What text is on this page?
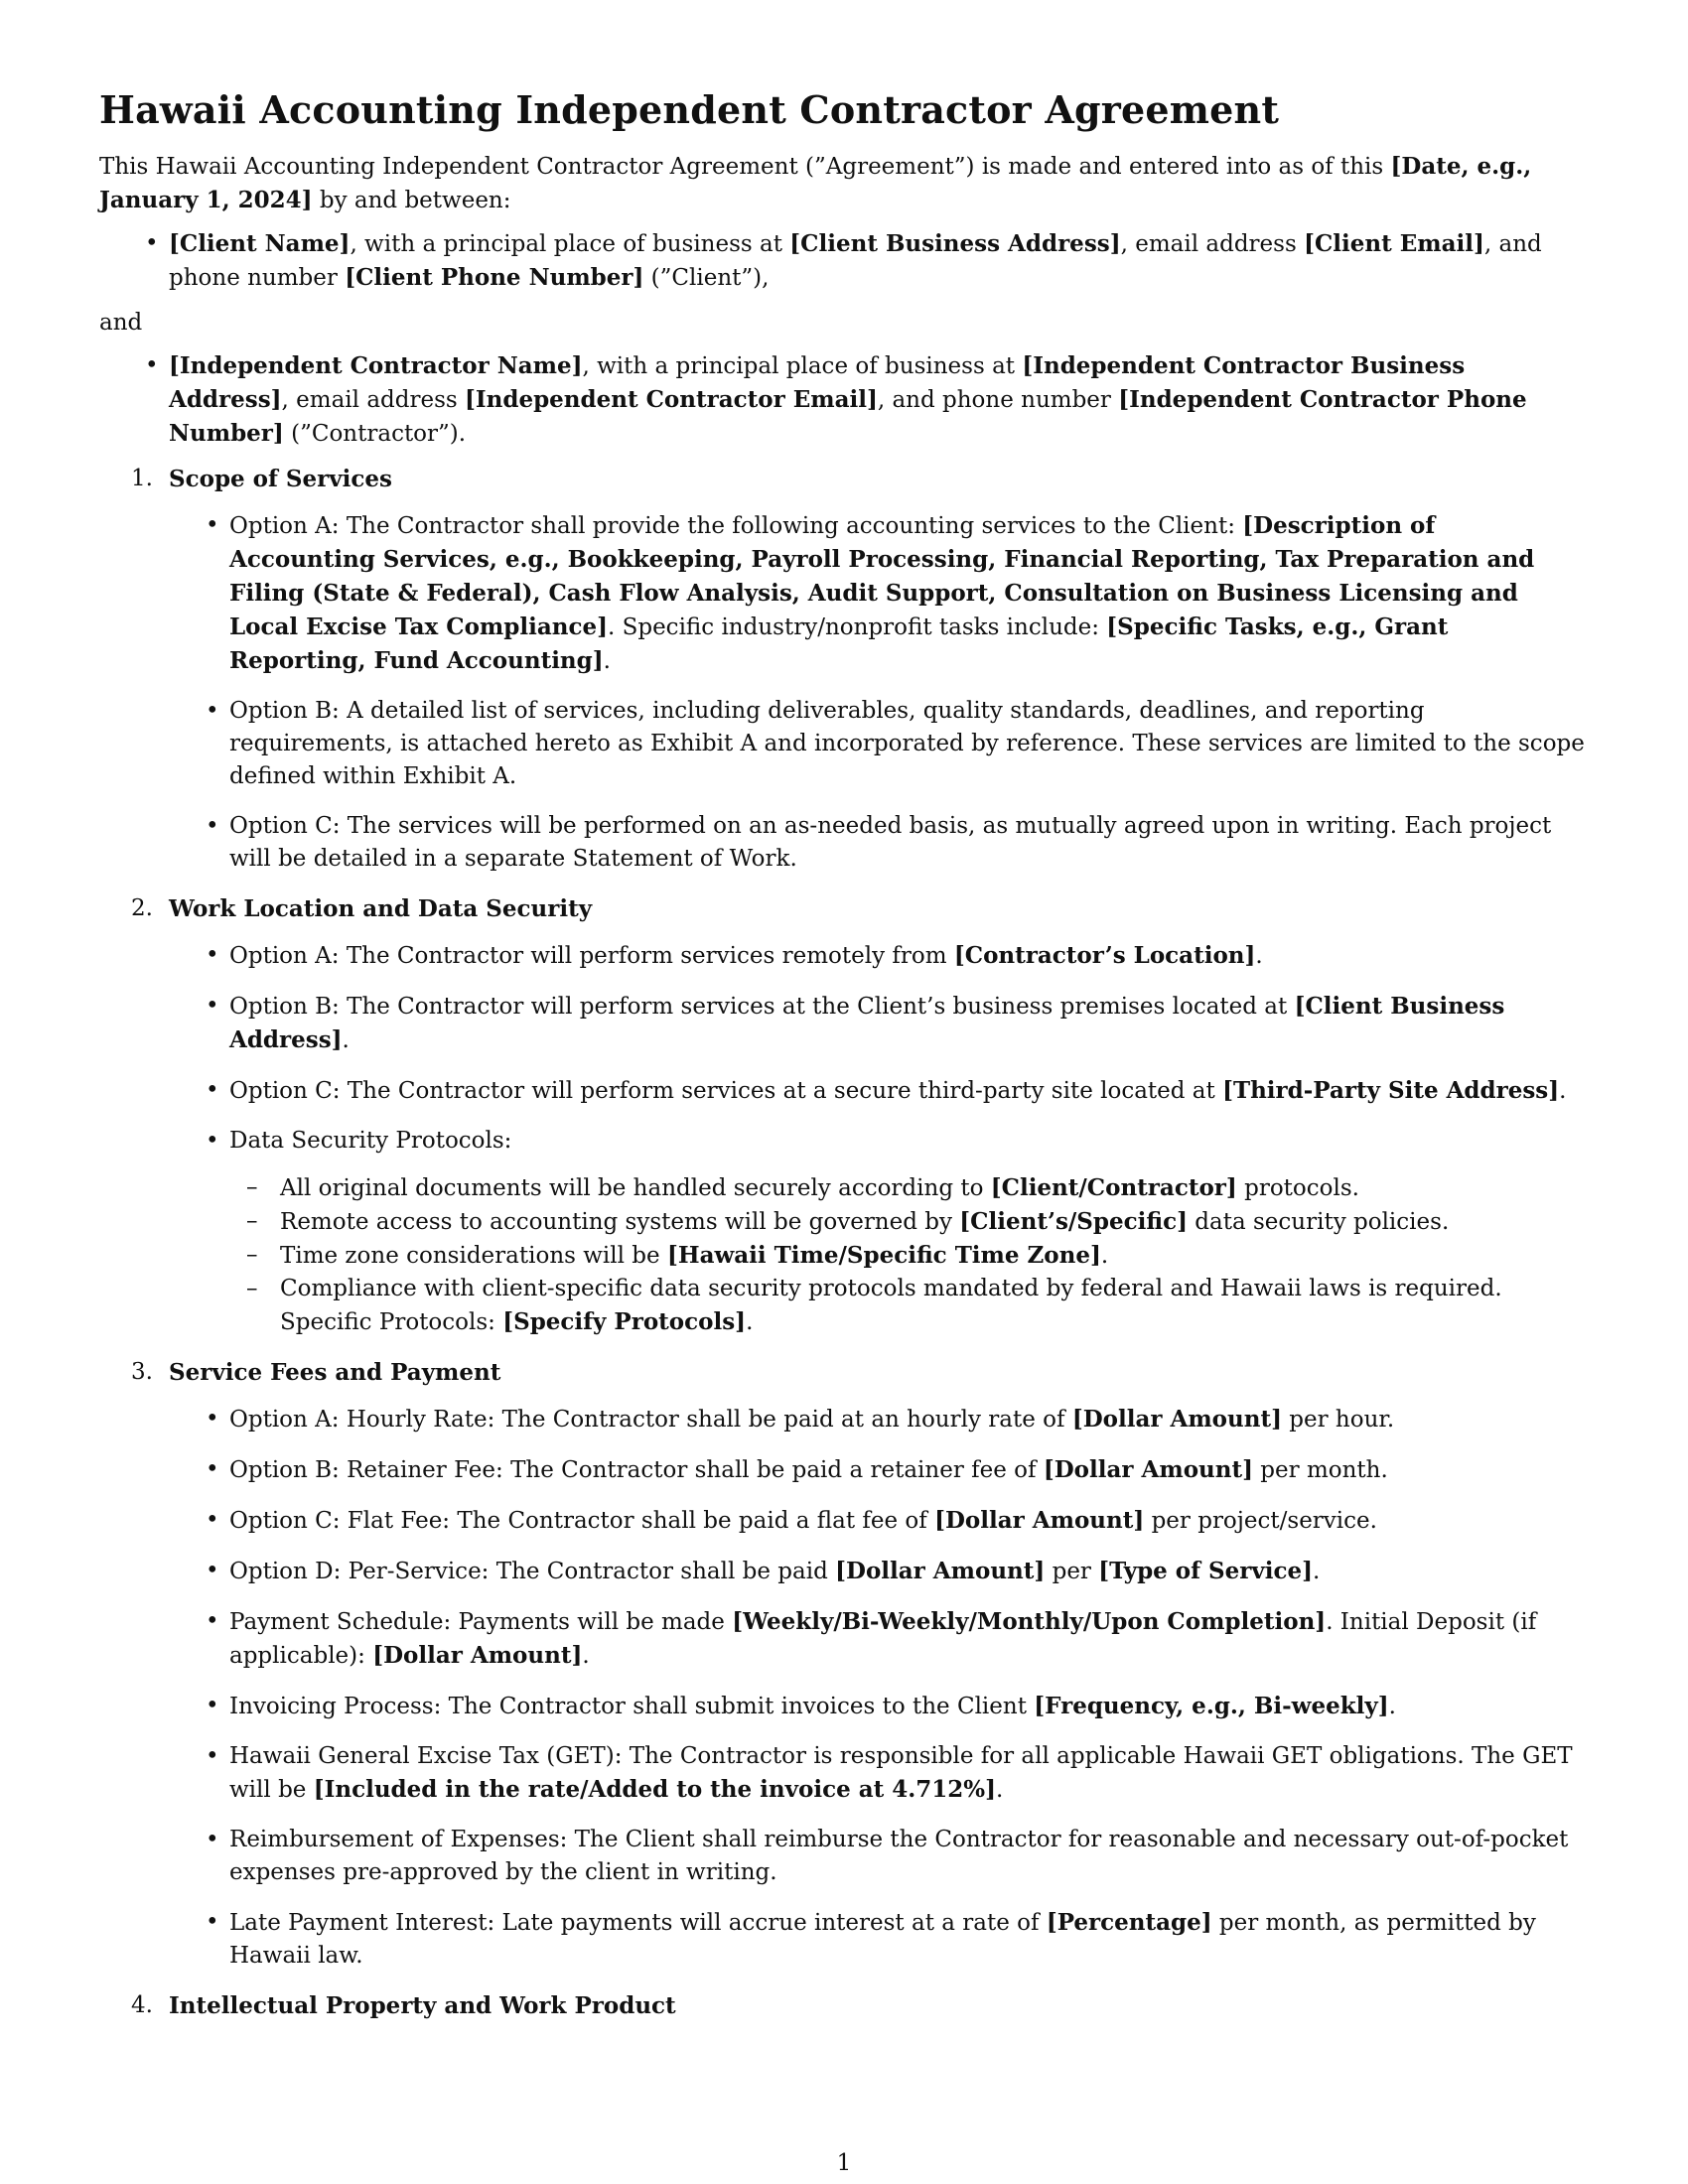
Hawaii Accounting Independent Contractor Agreement

This Hawaii Accounting Independent Contractor Agreement (”Agreement”) is made and entered into as of this [Date, e.g., January 1, 2024] by and between:

• [Client Name], with a principal place of business at [Client Business Address], email address [Client Email], and phone number [Client Phone Number] (”Client”),

and

• [Independent Contractor Name], with a principal place of business at [Independent Contractor Business Address], email address [Independent Contractor Email], and phone number [Independent Contractor Phone Number] (”Contractor”).
1. Scope of Services
• Option A: The Contractor shall provide the following accounting services to the Client: [Description of Accounting Services, e.g., Bookkeeping, Payroll Processing, Financial Reporting, Tax Preparation and Filing (State & Federal), Cash Flow Analysis, Audit Support, Consultation on Business Licensing and Local Excise Tax Compliance]. Specific industry/nonprofit tasks include: [Specific Tasks, e.g., Grant Reporting, Fund Accounting].
• Option B: A detailed list of services, including deliverables, quality standards, deadlines, and reporting requirements, is attached hereto as Exhibit A and incorporated by reference. These services are limited to the scope defined within Exhibit A.
• Option C: The services will be performed on an as-needed basis, as mutually agreed upon in writing. Each project will be detailed in a separate Statement of Work.
2. Work Location and Data Security
• Option A: The Contractor will perform services remotely from [Contractor’s Location].
• Option B: The Contractor will perform services at the Client’s business premises located at [Client Business Address].
• Option C: The Contractor will perform services at a secure third-party site located at [Third-Party Site Address].
• Data Security Protocols:
– All original documents will be handled securely according to [Client/Contractor] protocols.
– Remote access to accounting systems will be governed by [Client’s/Specific] data security policies.
– Time zone considerations will be [Hawaii Time/Specific Time Zone].
– Compliance with client-specific data security protocols mandated by federal and Hawaii laws is required. Specific Protocols: [Specify Protocols].
3. Service Fees and Payment
• Option A: Hourly Rate: The Contractor shall be paid at an hourly rate of [Dollar Amount] per hour.
• Option B: Retainer Fee: The Contractor shall be paid a retainer fee of [Dollar Amount] per month.
• Option C: Flat Fee: The Contractor shall be paid a flat fee of [Dollar Amount] per project/service.
• Option D: Per-Service: The Contractor shall be paid [Dollar Amount] per [Type of Service].
• Payment Schedule: Payments will be made [Weekly/Bi-Weekly/Monthly/Upon Completion]. Initial Deposit (if applicable): [Dollar Amount].
• Invoicing Process: The Contractor shall submit invoices to the Client [Frequency, e.g., Bi-weekly].
• Hawaii General Excise Tax (GET): The Contractor is responsible for all applicable Hawaii GET obligations. The GET will be [Included in the rate/Added to the invoice at 4.712%].
• Reimbursement of Expenses: The Client shall reimburse the Contractor for reasonable and necessary out-of-pocket expenses pre-approved by the client in writing.
• Late Payment Interest: Late payments will accrue interest at a rate of [Percentage] per month, as permitted by Hawaii law.
4. Intellectual Property and Work Product
1
